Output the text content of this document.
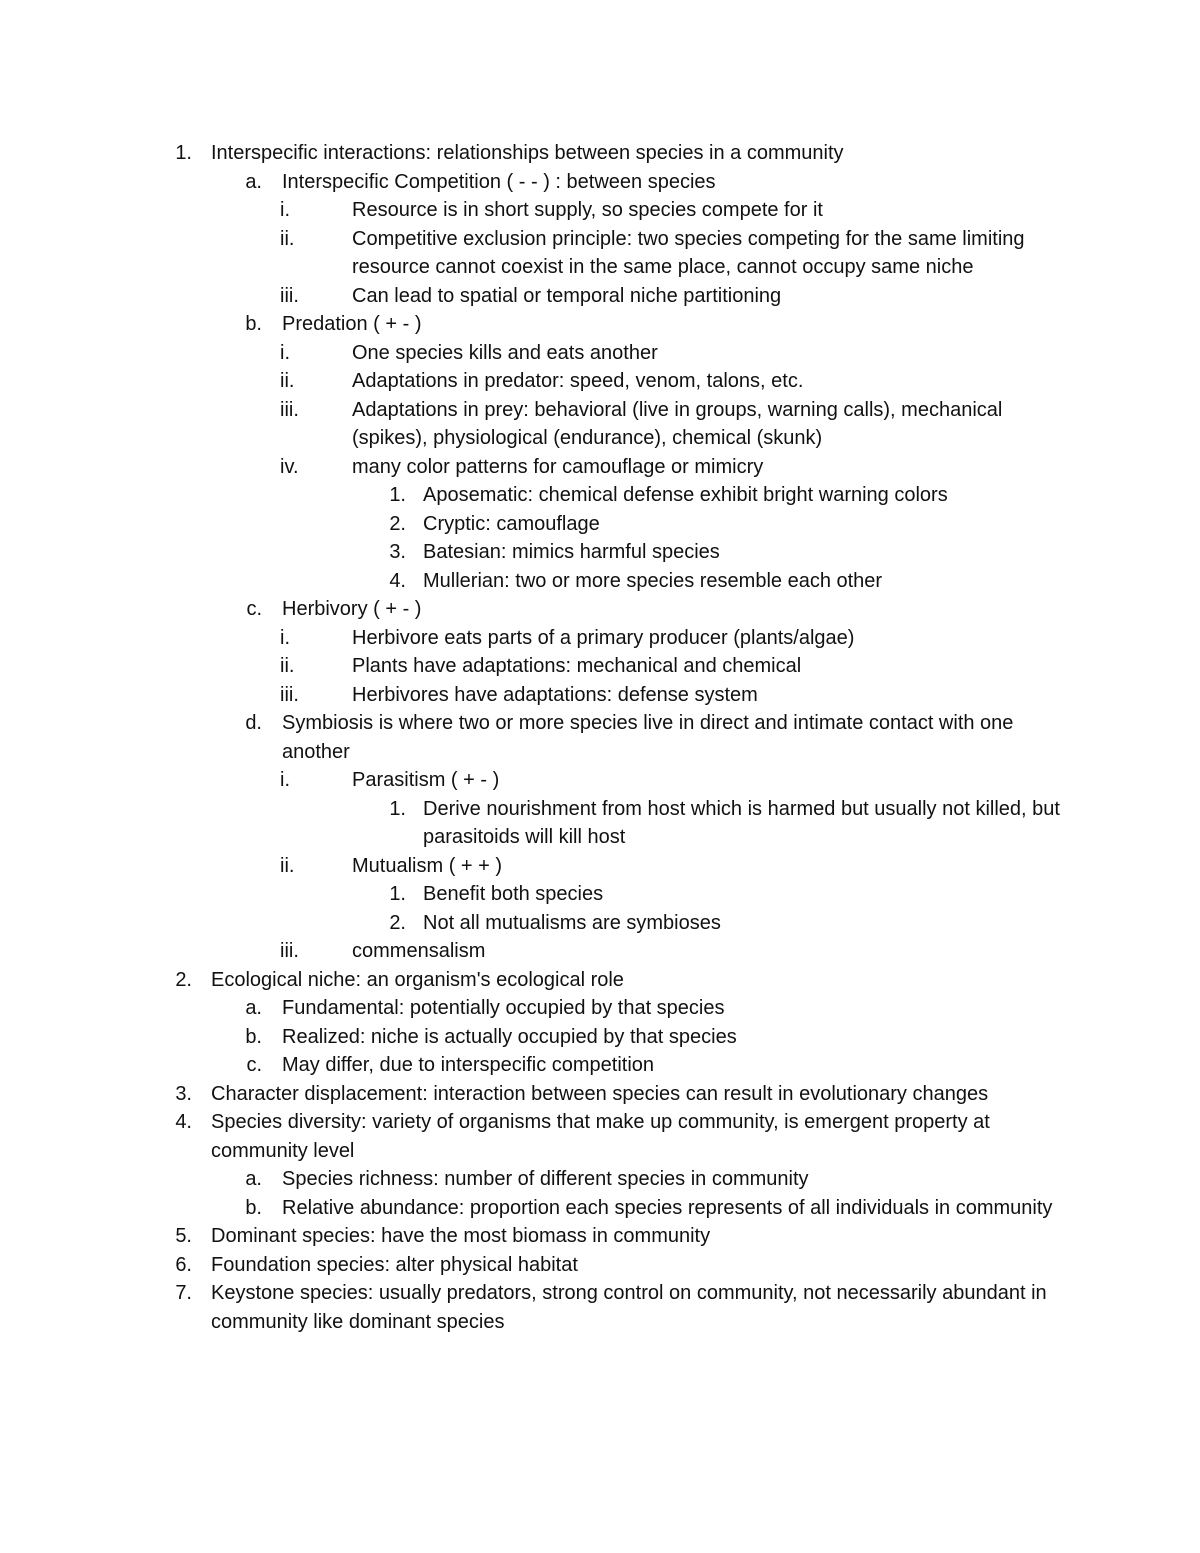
1. Interspecific interactions: relationships between species in a community
a. Interspecific Competition ( - - ) : between species
i.	Resource is in short supply, so species compete for it
ii.	Competitive exclusion principle: two species competing for the same limiting resource cannot coexist in the same place, cannot occupy same niche
iii.	Can lead to spatial or temporal niche partitioning
b. Predation ( + - )
i.	One species kills and eats another
ii.	Adaptations in predator: speed, venom, talons, etc.
iii.	Adaptations in prey: behavioral (live in groups, warning calls), mechanical (spikes), physiological (endurance), chemical (skunk)
iv.	many color patterns for camouflage or mimicry
1. Aposematic: chemical defense exhibit bright warning colors
2. Cryptic: camouflage
3. Batesian: mimics harmful species
4. Mullerian: two or more species resemble each other
c. Herbivory ( + - )
i.	Herbivore eats parts of a primary producer (plants/algae)
ii.	Plants have adaptations: mechanical and chemical
iii.	Herbivores have adaptations: defense system
d. Symbiosis is where two or more species live in direct and intimate contact with one another
i.	Parasitism ( + - )
1. Derive nourishment from host which is harmed but usually not killed, but parasitoids will kill host
ii.	Mutualism ( + + )
1. Benefit both species
2. Not all mutualisms are symbioses
iii.	commensalism
2. Ecological niche: an organism's ecological role
a. Fundamental: potentially occupied by that species
b. Realized: niche is actually occupied by that species
c. May differ, due to interspecific competition
3. Character displacement: interaction between species can result in evolutionary changes
4. Species diversity: variety of organisms that make up community, is emergent property at community level
a. Species richness: number of different species in community
b. Relative abundance: proportion each species represents of all individuals in community
5. Dominant species: have the most biomass in community
6. Foundation species: alter physical habitat
7. Keystone species: usually predators, strong control on community, not necessarily abundant in community like dominant species
